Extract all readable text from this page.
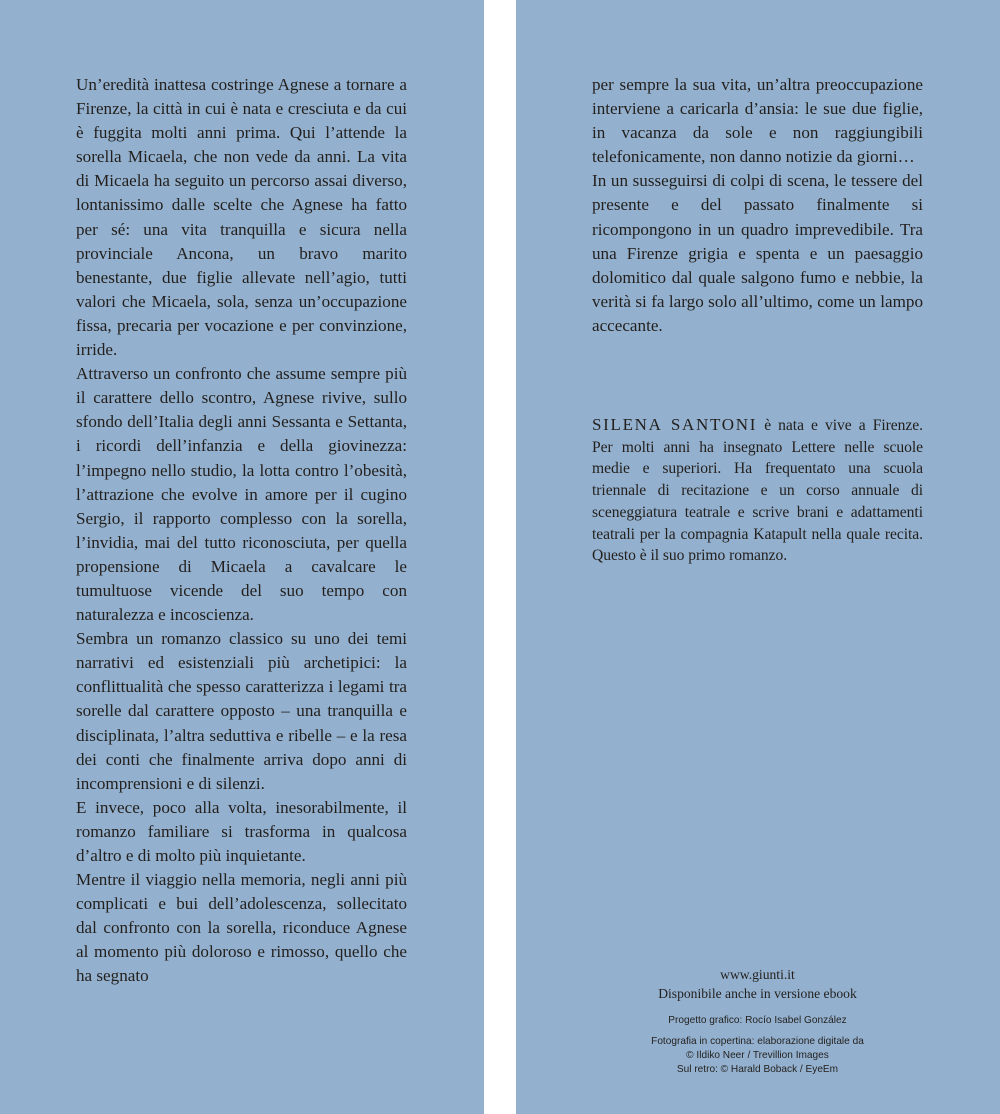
Un’eredità inattesa costringe Agnese a tornare a Firenze, la città in cui è nata e cresciuta e da cui è fuggita molti anni prima. Qui l’attende la sorella Micaela, che non vede da anni. La vita di Micaela ha seguito un percorso assai diverso, lontanissimo dalle scelte che Agnese ha fatto per sé: una vita tranquilla e sicura nella provinciale Ancona, un bravo marito benestante, due figlie allevate nell’agio, tutti valori che Micaela, sola, senza un’occupazione fissa, precaria per vocazione e per convinzione, irride.

Attraverso un confronto che assume sempre più il carattere dello scontro, Agnese rivive, sullo sfondo dell’Italia degli anni Sessanta e Settanta, i ricordi dell’infanzia e della giovinezza: l’impegno nello studio, la lotta contro l’obesità, l’attrazione che evolve in amore per il cugino Sergio, il rapporto complesso con la sorella, l’invidia, mai del tutto riconosciuta, per quella propensione di Micaela a cavalcare le tumultuose vicende del suo tempo con naturalezza e incoscienza.

Sembra un romanzo classico su uno dei temi narrativi ed esistenziali più archetipici: la conflittualità che spesso caratterizza i legami tra sorelle dal carattere opposto – una tranquilla e disciplinata, l’altra seduttiva e ribelle – e la resa dei conti che finalmente arriva dopo anni di incomprensioni e di silenzi.

E invece, poco alla volta, inesorabilmente, il romanzo familiare si trasforma in qualcosa d’altro e di molto più inquietante.

Mentre il viaggio nella memoria, negli anni più complicati e bui dell’adolescenza, sollecitato dal confronto con la sorella, riconduce Agnese al momento più doloroso e rimosso, quello che ha segnato

per sempre la sua vita, un’altra preoccupazione interviene a caricarla d’ansia: le sue due figlie, in vacanza da sole e non raggiungibili telefonicamente, non danno notizie da giorni…

In un susseguirsi di colpi di scena, le tessere del presente e del passato finalmente si ricompongono in un quadro imprevedibile. Tra una Firenze grigia e spenta e un paesaggio dolomitico dal quale salgono fumo e nebbie, la verità si fa largo solo all’ultimo, come un lampo accecante.

SILENA SANTONI è nata e vive a Firenze. Per molti anni ha insegnato Lettere nelle scuole medie e superiori. Ha frequentato una scuola triennale di recitazione e un corso annuale di sceneggiatura teatrale e scrive brani e adattamenti teatrali per la compagnia Katapult nella quale recita. Questo è il suo primo romanzo.

www.giunti.it
Disponibile anche in versione ebook
Progetto grafico: Rocío Isabel González
Fotografia in copertina: elaborazione digitale da
© Ildiko Neer / Trevillion Images
Sul retro: © Harald Boback / EyeEm
